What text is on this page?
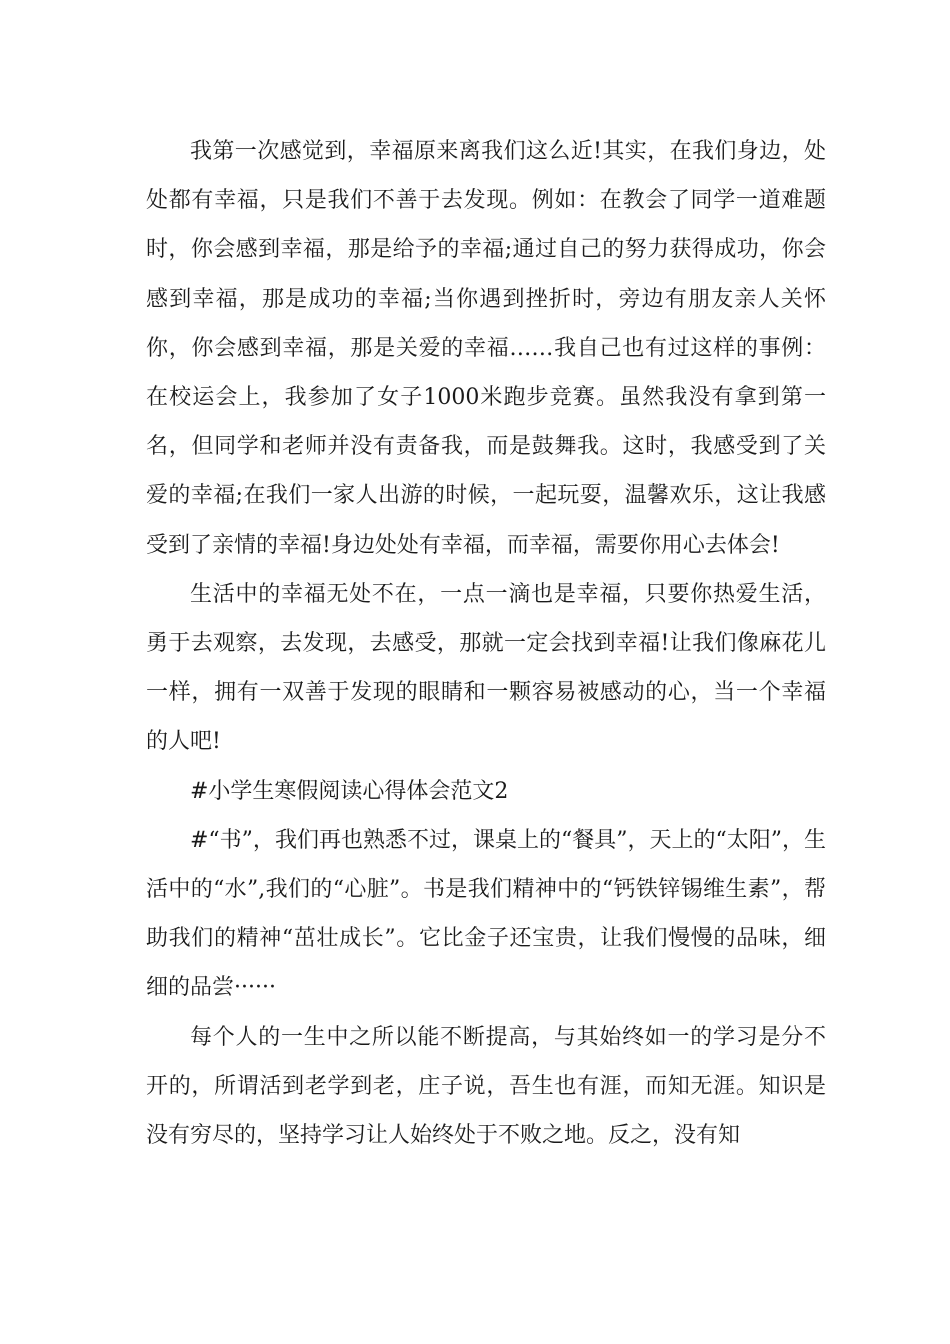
我第一次感觉到，幸福原来离我们这么近!其实，在我们身边，处处都有幸福，只是我们不善于去发现。例如：在教会了同学一道难题时，你会感到幸福，那是给予的幸福;通过自己的努力获得成功，你会感到幸福，那是成功的幸福;当你遇到挫折时，旁边有朋友亲人关怀你，你会感到幸福，那是关爱的幸福……我自己也有过这样的事例：在校运会上，我参加了女子1000米跑步竞赛。虽然我没有拿到第一名，但同学和老师并没有责备我，而是鼓舞我。这时，我感受到了关爱的幸福;在我们一家人出游的时候，一起玩耍，温馨欢乐，这让我感受到了亲情的幸福!身边处处有幸福，而幸福，需要你用心去体会!

生活中的幸福无处不在，一点一滴也是幸福，只要你热爱生活，勇于去观察，去发现，去感受，那就一定会找到幸福!让我们像麻花儿一样，拥有一双善于发现的眼睛和一颗容易被感动的心，当一个幸福的人吧!

#小学生寒假阅读心得体会范文2

#“书”，我们再也熟悉不过，课桌上的“餐具”，天上的“太阳”，生活中的“水”,我们的“心脏”。书是我们精神中的“钙铁锌锡维生素”，帮助我们的精神“茁壮成长”。它比金子还宝贵，让我们慢慢的品味，细细的品尝······

每个人的一生中之所以能不断提高，与其始终如一的学习是分不开的，所谓活到老学到老，庄子说，吾生也有涯，而知无涯。知识是没有穷尽的，坚持学习让人始终处于不败之地。反之，没有知
